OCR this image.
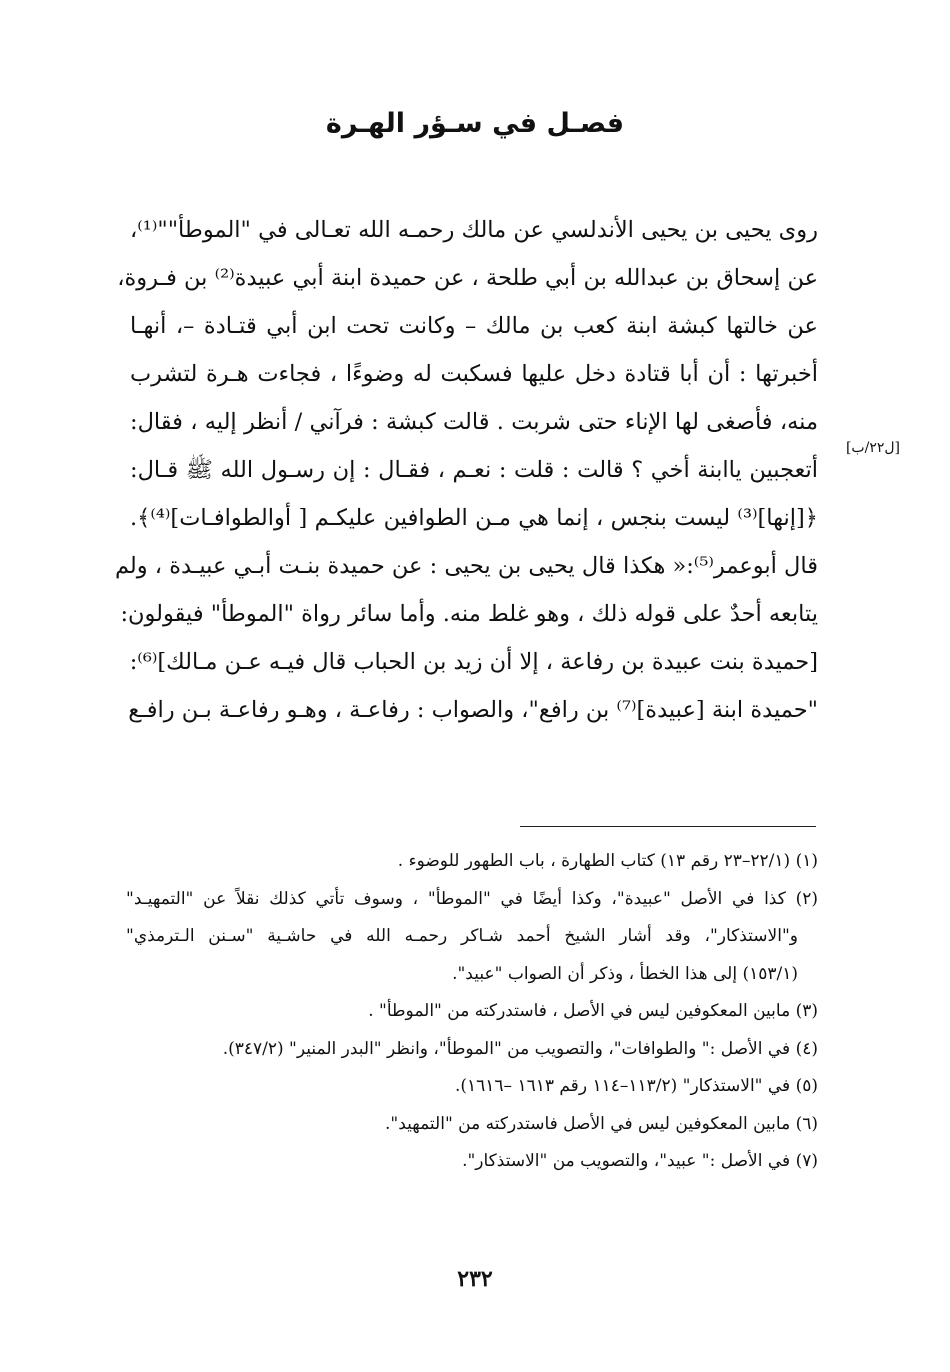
فصـل في سـؤر الهـرة
[ل٢٢/ب]
روى يحيى بن يحيى الأندلسي عن مالك رحمـه الله تعـالى في "الموطأ""⁽¹⁾،
عن إسحاق بن عبدالله بن أبي طلحة ، عن حميدة ابنة أبي عبيدة⁽²⁾ بن فـروة،
عن خالتها كبشة ابنة كعب بن مالك – وكانت تحت ابن أبي قتـادة –، أنهـا
أخبرتها : أن أبا قتادة دخل عليها فسكبت له وضوءًا ، فجاءت هـرة لتشرب
منه، فأصغى لها الإناء حتى شربت . قالت كبشة : فرآني / أنظر إليه ، فقال:
أتعجبين ياابنة أخي ؟ قالت : قلت : نعـم ، فقـال : إن رسـول الله ﷺ قـال:
﴿[إنها]⁽³⁾ ليست بنجس ، إنما هي مـن الطوافين عليكـم [ أوالطوافـات]⁽⁴⁾﴾.
قال أبوعمر⁽⁵⁾:« هكذا قال يحيى بن يحيى : عن حميدة بنـت أبـي عبيـدة ، ولم
يتابعه أحدٌ على قوله ذلك ، وهو غلط منه. وأما سائر رواة "الموطأ" فيقولون:
[حميدة بنت عبيدة بن رفاعة ، إلا أن زيد بن الحباب قال فيـه عـن مـالك]⁽⁶⁾:
"حميدة ابنة [عبيدة]⁽⁷⁾ بن رافع"، والصواب : رفاعـة ، وهـو رفاعـة بـن رافـع
(١) (٢٢/١–٢٣ رقم ١٣) كتاب الطهارة ، باب الطهور للوضوء .
(٢) كذا في الأصل "عبيدة"، وكذا أيضًا في "الموطأ" ، وسوف تأتي كذلك نقلاً عن "التمهيـد"
و"الاستذكار"، وقد أشار الشيخ أحمد شـاكر رحمـه الله في حاشـية "سـنن الـترمذي"
(١٥٣/١) إلى هذا الخطأ ، وذكر أن الصواب "عبيد".
(٣) مابين المعكوفين ليس في الأصل ، فاستدركته من "الموطأ" .
(٤) في الأصل :" والطوافات"، والتصويب من "الموطأ"، وانظر "البدر المنير" (٣٤٧/٢).
(٥) في "الاستذكار" (١١٣/٢–١١٤ رقم ١٦١٣ –١٦١٦).
(٦) مابين المعكوفين ليس في الأصل فاستدركته من "التمهيد".
(٧) في الأصل :" عبيد"، والتصويب من "الاستذكار".
٢٣٢
